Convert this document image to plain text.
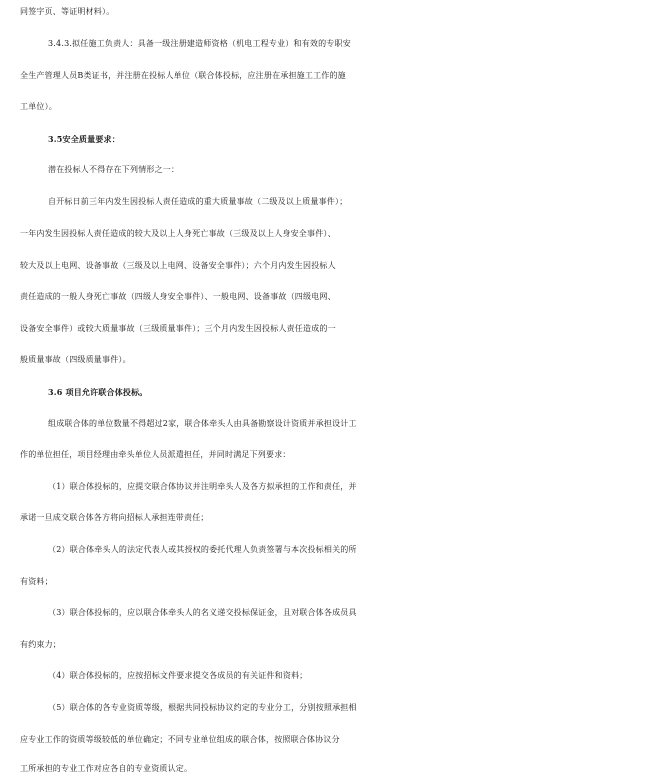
同签字页、等证明材料）。
3.4.3.拟任施工负责人：具备一级注册建造师资格（机电工程专业）和有效的专职安
全生产管理人员B类证书，并注册在投标人单位（联合体投标，应注册在承担施工工作的施
工单位）。
3.5安全质量要求：
潜在投标人不得存在下列情形之一：
自开标日前三年内发生因投标人责任造成的重大质量事故（二级及以上质量事件）；
一年内发生因投标人责任造成的较大及以上人身死亡事故（三级及以上人身安全事件）、
较大及以上电网、设备事故（三级及以上电网、设备安全事件）；六个月内发生因投标人
责任造成的一般人身死亡事故（四级人身安全事件）、一般电网、设备事故（四级电网、
设备安全事件）或较大质量事故（三级质量事件）；三个月内发生因投标人责任造成的一
般质量事故（四级质量事件）。
3.6 项目允许联合体投标。
组成联合体的单位数量不得超过2家，联合体牵头人由具备勘察设计资质并承担设计工
作的单位担任，项目经理由牵头单位人员派遣担任，并同时满足下列要求：
（1）联合体投标的，应提交联合体协议并注明牵头人及各方拟承担的工作和责任，并
承诺一旦成交联合体各方将向招标人承担连带责任；
（2）联合体牵头人的法定代表人或其授权的委托代理人负责签署与本次投标相关的所
有资料；
（3）联合体投标的，应以联合体牵头人的名义递交投标保证金，且对联合体各成员具
有约束力；
（4）联合体投标的，应按招标文件要求提交各成员的有关证件和资料；
（5）联合体的各专业资质等级，根据共同投标协议约定的专业分工，分别按照承担相
应专业工作的资质等级较低的单位确定；不同专业单位组成的联合体，按照联合体协议分
工所承担的专业工作对应各自的专业资质认定。
